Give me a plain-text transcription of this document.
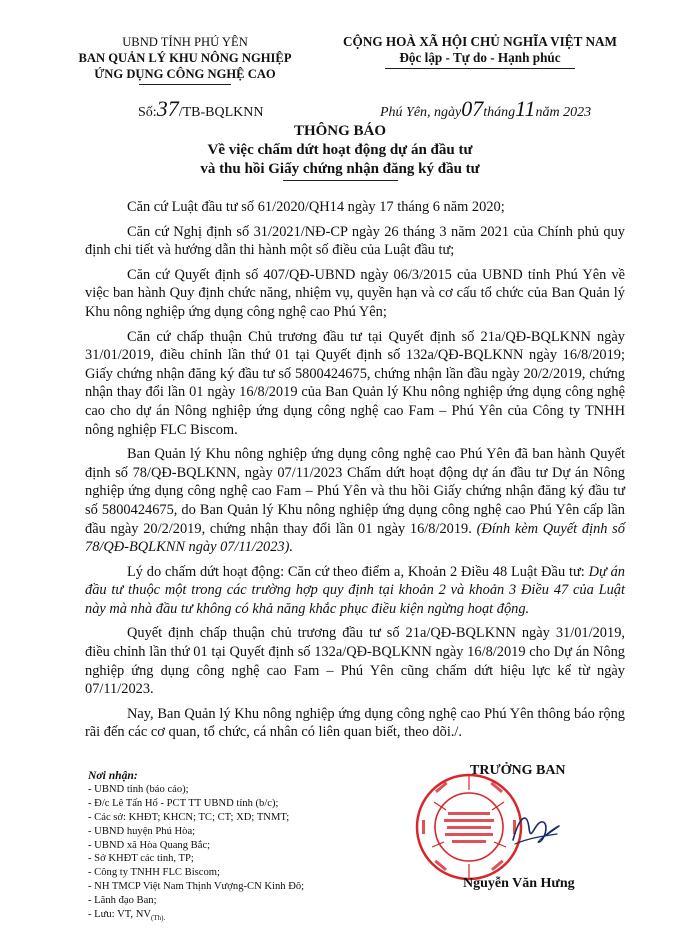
UBND TỈNH PHÚ YÊN
BAN QUẢN LÝ KHU NÔNG NGHIỆP
ỨNG DỤNG CÔNG NGHỆ CAO
CỘNG HOÀ XÃ HỘI CHỦ NGHĨA VIỆT NAM
Độc lập - Tự do - Hạnh phúc
Số:37/TB-BQLKNN	Phú Yên, ngày07tháng11năm 2023
THÔNG BÁO
Về việc chấm dứt hoạt động dự án đầu tư
và thu hồi Giấy chứng nhận đăng ký đầu tư

Căn cứ Luật đầu tư số 61/2020/QH14 ngày 17 tháng 6 năm 2020;

Căn cứ Nghị định số 31/2021/NĐ-CP ngày 26 tháng 3 năm 2021 của Chính phủ quy định chi tiết và hướng dẫn thi hành một số điều của Luật đầu tư;

Căn cứ Quyết định số 407/QĐ-UBND ngày 06/3/2015 của UBND tỉnh Phú Yên về việc ban hành Quy định chức năng, nhiệm vụ, quyền hạn và cơ cấu tổ chức của Ban Quản lý Khu nông nghiệp ứng dụng công nghệ cao Phú Yên;

Căn cứ chấp thuận Chủ trương đầu tư tại Quyết định số 21a/QĐ-BQLKNN ngày 31/01/2019, điều chỉnh lần thứ 01 tại Quyết định số 132a/QĐ-BQLKNN ngày 16/8/2019; Giấy chứng nhận đăng ký đầu tư số 5800424675, chứng nhận lần đầu ngày 20/2/2019, chứng nhận thay đổi lần 01 ngày 16/8/2019 của Ban Quản lý Khu nông nghiệp ứng dụng công nghệ cao cho dự án Nông nghiệp ứng dụng công nghệ cao Fam – Phú Yên của Công ty TNHH nông nghiệp FLC Biscom.

Ban Quản lý Khu nông nghiệp ứng dụng công nghệ cao Phú Yên đã ban hành Quyết định số 78/QĐ-BQLKNN, ngày 07/11/2023 Chấm dứt hoạt động dự án đầu tư Dự án Nông nghiệp ứng dụng công nghệ cao Fam – Phú Yên và thu hồi Giấy chứng nhận đăng ký đầu tư số 5800424675, do Ban Quản lý Khu nông nghiệp ứng dụng công nghệ cao Phú Yên cấp lần đầu ngày 20/2/2019, chứng nhận thay đổi lần 01 ngày 16/8/2019. (Đính kèm Quyết định số 78/QĐ-BQLKNN ngày 07/11/2023).

Lý do chấm dứt hoạt động: Căn cứ theo điểm a, Khoản 2 Điều 48 Luật Đầu tư: Dự án đầu tư thuộc một trong các trường hợp quy định tại khoản 2 và khoản 3 Điều 47 của Luật này mà nhà đầu tư không có khả năng khắc phục điều kiện ngừng hoạt động.

Quyết định chấp thuận chủ trương đầu tư số 21a/QĐ-BQLKNN ngày 31/01/2019, điều chỉnh lần thứ 01 tại Quyết định số 132a/QĐ-BQLKNN ngày 16/8/2019 cho Dự án Nông nghiệp ứng dụng công nghệ cao Fam – Phú Yên cũng chấm dứt hiệu lực kể từ ngày 07/11/2023.

Nay, Ban Quản lý Khu nông nghiệp ứng dụng công nghệ cao Phú Yên thông báo rộng rãi đến các cơ quan, tổ chức, cá nhân có liên quan biết, theo dõi./.

Nơi nhận:
- UBND tỉnh (báo cáo);
- Đ/c Lê Tấn Hổ - PCT TT UBND tỉnh (b/c);
- Các sở: KHĐT; KHCN; TC; CT; XD; TNMT;
- UBND huyện Phú Hòa;
- UBND xã Hòa Quang Bắc;
- Sở KHĐT các tỉnh, TP;
- Công ty TNHH FLC Biscom;
- NH TMCP Việt Nam Thịnh Vượng-CN Kinh Đô;
- Lãnh đạo Ban;
- Lưu: VT, $NV_{(Th).}$
TRƯỞNG BAN
Nguyễn Văn Hưng
